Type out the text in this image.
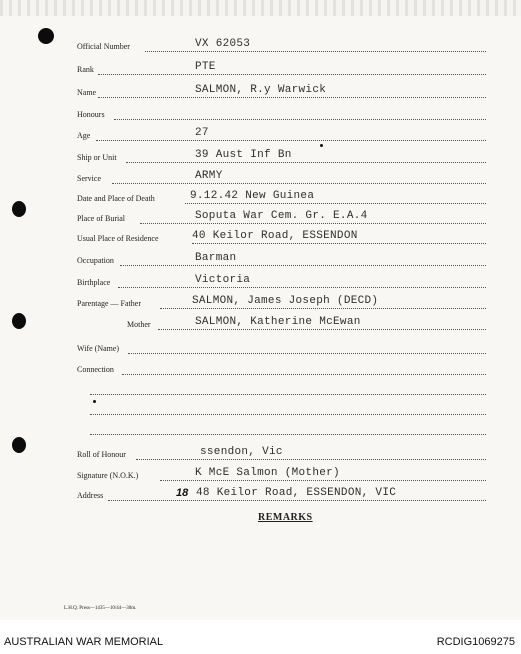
Official Number	VX 62053
Rank	PTE
Name	SALMON, R.y Warwick
Honours
Age	27
Ship or Unit	39 Aust Inf Bn
Service	ARMY
Date and Place of Death	9.12.42 New Guinea
Place of Burial	Soputa War Cem. Gr. E.A.4
Usual Place of Residence	40 Keilor Road, ESSENDON
Occupation	Barman
Birthplace	Victoria
Parentage — Father	SALMON, James Joseph (DECD)
Mother	SALMON, Katherine McEwan
Wife (Name)
Connection
Roll of Honour	ssendon, Vic
Signature (N.O.K.)	K McE Salmon (Mother)
Address	18 48 Keilor Road, ESSENDON, VIC
REMARKS
L.H.Q. Press—1435—10/44—30m.
AUSTRALIAN WAR MEMORIAL	RCDIG1069275
